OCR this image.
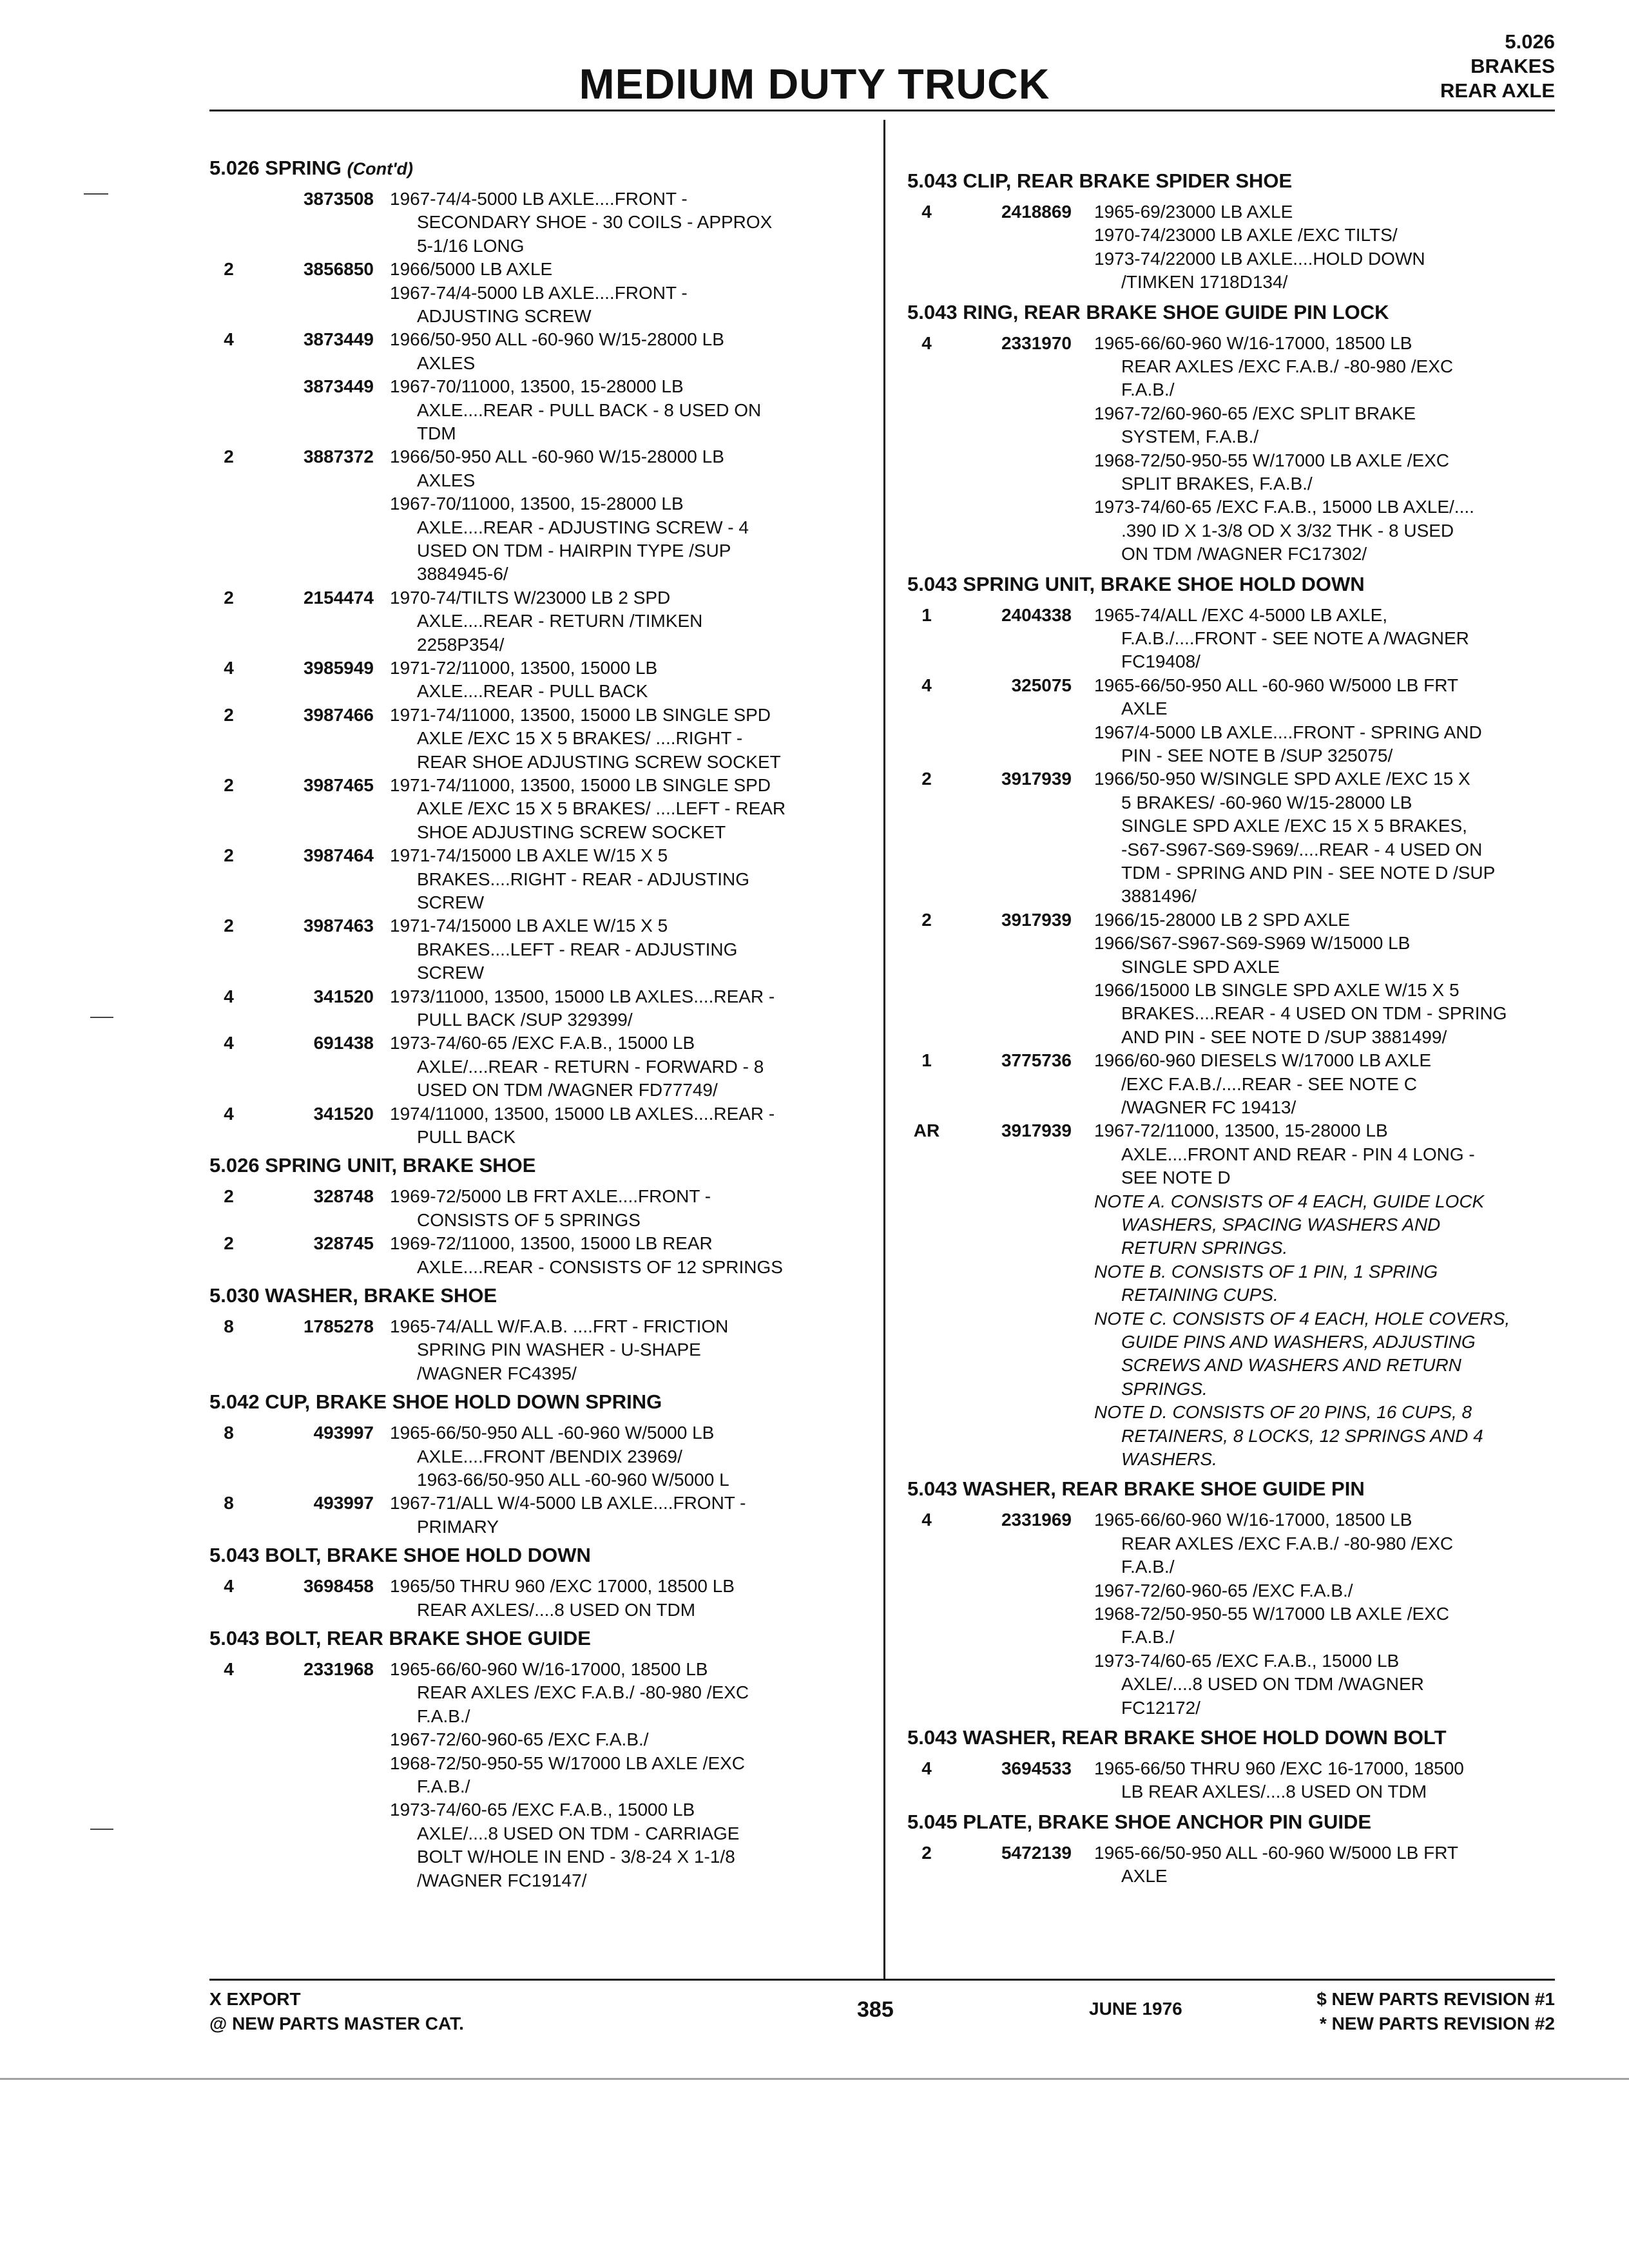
MEDIUM DUTY TRUCK
5.026
BRAKES
REAR AXLE
5.026 SPRING (Cont'd)
3873508 1967-74/4-5000 LB AXLE....FRONT -
SECONDARY SHOE - 30 COILS - APPROX
5-1/16 LONG
2	3856850 1966/5000 LB AXLE
1967-74/4-5000 LB AXLE....FRONT -
ADJUSTING SCREW
4	3873449 1966/50-950 ALL -60-960 W/15-28000 LB
AXLES
3873449 1967-70/11000, 13500, 15-28000 LB
AXLE....REAR - PULL BACK - 8 USED ON
TDM
2	3887372 1966/50-950 ALL -60-960 W/15-28000 LB
AXLES
1967-70/11000, 13500, 15-28000 LB
AXLE....REAR - ADJUSTING SCREW - 4
USED ON TDM - HAIRPIN TYPE /SUP
3884945-6/
2	2154474 1970-74/TILTS W/23000 LB 2 SPD
AXLE....REAR - RETURN /TIMKEN
2258P354/
4	3985949 1971-72/11000, 13500, 15000 LB
AXLE....REAR - PULL BACK
2	3987466 1971-74/11000, 13500, 15000 LB SINGLE SPD
AXLE /EXC 15 X 5 BRAKES/ ....RIGHT -
REAR SHOE ADJUSTING SCREW SOCKET
2	3987465 1971-74/11000, 13500, 15000 LB SINGLE SPD
AXLE /EXC 15 X 5 BRAKES/ ....LEFT - REAR
SHOE ADJUSTING SCREW SOCKET
2	3987464 1971-74/15000 LB AXLE W/15 X 5
BRAKES....RIGHT - REAR - ADJUSTING
SCREW
2	3987463 1971-74/15000 LB AXLE W/15 X 5
BRAKES....LEFT - REAR - ADJUSTING
SCREW
4	341520 1973/11000, 13500, 15000 LB AXLES....REAR -
PULL BACK /SUP 329399/
4	691438 1973-74/60-65 /EXC F.A.B., 15000 LB
AXLE/....REAR - RETURN - FORWARD - 8
USED ON TDM /WAGNER FD77749/
4	341520 1974/11000, 13500, 15000 LB AXLES....REAR -
PULL BACK
5.026 SPRING UNIT, BRAKE SHOE
2	328748 1969-72/5000 LB FRT AXLE....FRONT -
CONSISTS OF 5 SPRINGS
2	328745 1969-72/11000, 13500, 15000 LB REAR
AXLE....REAR - CONSISTS OF 12 SPRINGS
5.030 WASHER, BRAKE SHOE
8	1785278 1965-74/ALL W/F.A.B. ....FRT - FRICTION
SPRING PIN WASHER - U-SHAPE
/WAGNER FC4395/
5.042 CUP, BRAKE SHOE HOLD DOWN SPRING
8	493997 1965-66/50-950 ALL -60-960 W/5000 LB
AXLE....FRONT /BENDIX 23969/
1963-66/50-950 ALL -60-960 W/5000 L
8	493997 1967-71/ALL W/4-5000 LB AXLE....FRONT -
PRIMARY
5.043 BOLT, BRAKE SHOE HOLD DOWN
4	3698458 1965/50 THRU 960 /EXC 17000, 18500 LB
REAR AXLES/....8 USED ON TDM
5.043 BOLT, REAR BRAKE SHOE GUIDE
4	2331968 1965-66/60-960 W/16-17000, 18500 LB
REAR AXLES /EXC F.A.B./ -80-980 /EXC
F.A.B./
1967-72/60-960-65 /EXC F.A.B./
1968-72/50-950-55 W/17000 LB AXLE /EXC
F.A.B./
1973-74/60-65 /EXC F.A.B., 15000 LB
AXLE/....8 USED ON TDM - CARRIAGE
BOLT W/HOLE IN END - 3/8-24 X 1-1/8
/WAGNER FC19147/
5.043 CLIP, REAR BRAKE SPIDER SHOE
4	2418869 1965-69/23000 LB AXLE
1970-74/23000 LB AXLE /EXC TILTS/
1973-74/22000 LB AXLE....HOLD DOWN
/TIMKEN 1718D134/
5.043 RING, REAR BRAKE SHOE GUIDE PIN LOCK
4	2331970 1965-66/60-960 W/16-17000, 18500 LB
REAR AXLES /EXC F.A.B./ -80-980 /EXC
F.A.B./
1967-72/60-960-65 /EXC SPLIT BRAKE
SYSTEM, F.A.B./
1968-72/50-950-55 W/17000 LB AXLE /EXC
SPLIT BRAKES, F.A.B./
1973-74/60-65 /EXC F.A.B., 15000 LB AXLE/....
.390 ID X 1-3/8 OD X 3/32 THK - 8 USED
ON TDM /WAGNER FC17302/
5.043 SPRING UNIT, BRAKE SHOE HOLD DOWN
1	2404338 1965-74/ALL /EXC 4-5000 LB AXLE,
F.A.B./....FRONT - SEE NOTE A /WAGNER
FC19408/
4	325075 1965-66/50-950 ALL -60-960 W/5000 LB FRT
AXLE
1967/4-5000 LB AXLE....FRONT - SPRING AND
PIN - SEE NOTE B /SUP 325075/
2	3917939 1966/50-950 W/SINGLE SPD AXLE /EXC 15 X
5 BRAKES/ -60-960 W/15-28000 LB
SINGLE SPD AXLE /EXC 15 X 5 BRAKES,
-S67-S967-S69-S969/....REAR - 4 USED ON
TDM - SPRING AND PIN - SEE NOTE D /SUP
3881496/
2	3917939 1966/15-28000 LB 2 SPD AXLE
1966/S67-S967-S69-S969 W/15000 LB
SINGLE SPD AXLE
1966/15000 LB SINGLE SPD AXLE W/15 X 5
BRAKES....REAR - 4 USED ON TDM - SPRING
AND PIN - SEE NOTE D /SUP 3881499/
1	3775736 1966/60-960 DIESELS W/17000 LB AXLE
/EXC F.A.B./....REAR - SEE NOTE C
/WAGNER FC 19413/
AR	3917939 1967-72/11000, 13500, 15-28000 LB
AXLE....FRONT AND REAR - PIN 4 LONG -
SEE NOTE D
NOTE A. CONSISTS OF 4 EACH, GUIDE LOCK
WASHERS, SPACING WASHERS AND
RETURN SPRINGS.
NOTE B. CONSISTS OF 1 PIN, 1 SPRING
RETAINING CUPS.
NOTE C. CONSISTS OF 4 EACH, HOLE COVERS,
GUIDE PINS AND WASHERS, ADJUSTING
SCREWS AND WASHERS AND RETURN
SPRINGS.
NOTE D. CONSISTS OF 20 PINS, 16 CUPS, 8
RETAINERS, 8 LOCKS, 12 SPRINGS AND 4
WASHERS.
5.043 WASHER, REAR BRAKE SHOE GUIDE PIN
4	2331969 1965-66/60-960 W/16-17000, 18500 LB
REAR AXLES /EXC F.A.B./ -80-980 /EXC
F.A.B./
1967-72/60-960-65 /EXC F.A.B./
1968-72/50-950-55 W/17000 LB AXLE /EXC
F.A.B./
1973-74/60-65 /EXC F.A.B., 15000 LB
AXLE/....8 USED ON TDM /WAGNER
FC12172/
5.043 WASHER, REAR BRAKE SHOE HOLD DOWN BOLT
4	3694533 1965-66/50 THRU 960 /EXC 16-17000, 18500
LB REAR AXLES/....8 USED ON TDM
5.045 PLATE, BRAKE SHOE ANCHOR PIN GUIDE
2	5472139 1965-66/50-950 ALL -60-960 W/5000 LB FRT
AXLE
X EXPORT
@ NEW PARTS MASTER CAT.
385	JUNE 1976	$ NEW PARTS REVISION #1
* NEW PARTS REVISION #2
